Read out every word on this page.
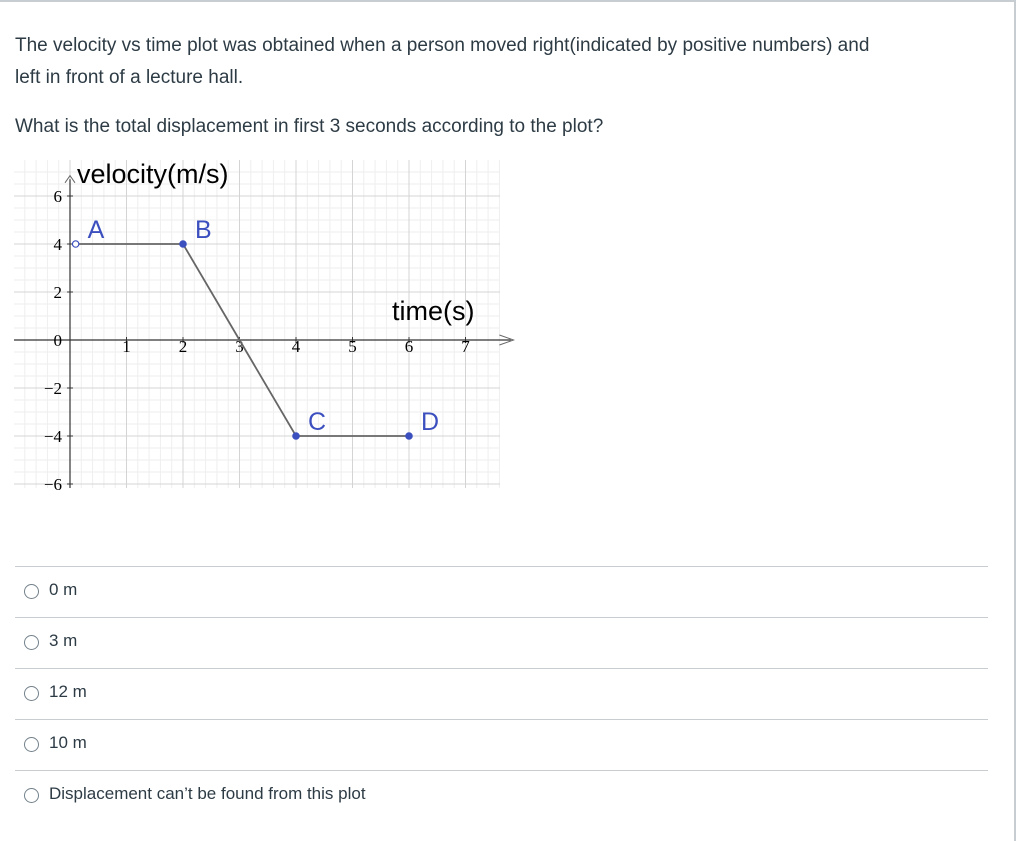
The velocity vs time plot was obtained when a person moved right(indicated by positive numbers) and
left in front of a lecture hall.
What is the total displacement in first 3 seconds according to the plot?
1	2	3	4	5	6	7
6
4
2
0
−2
−4
−6
A	B
C	D
velocity(m/s)
time(s)
0 m
3 m
12 m
10 m
Displacement can’t be found from this plot
